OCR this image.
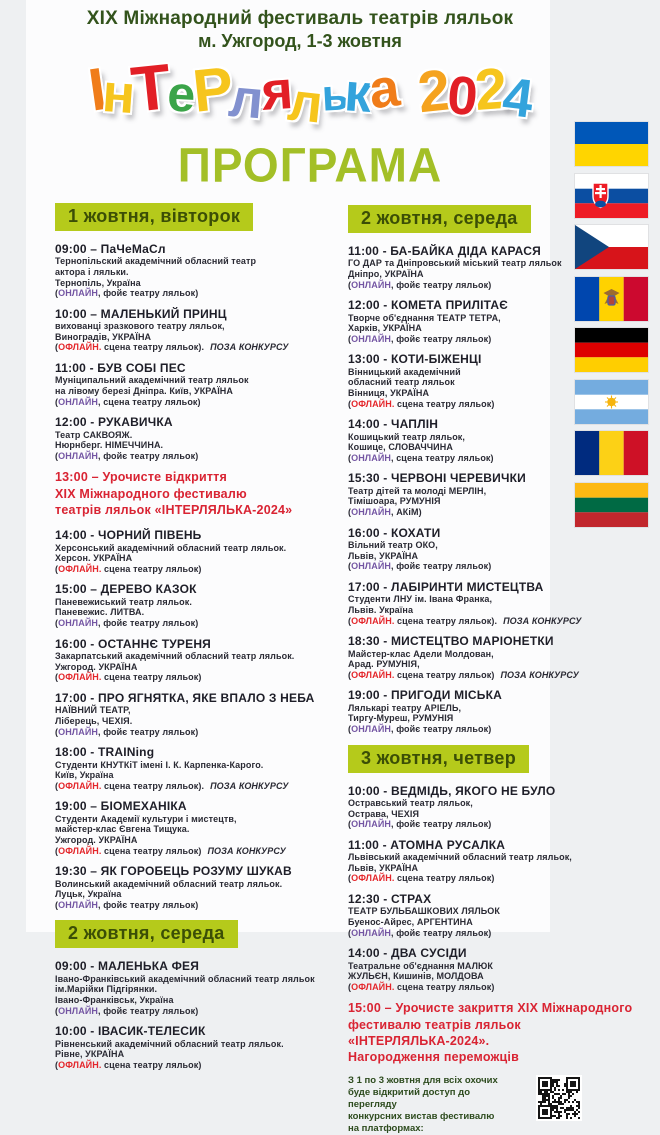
XIX Міжнародний фестиваль театрів ляльок
м. Ужгород, 1-3 жовтня
І
н
Т
е
Р
л
я
л
ь
к
а 2
0
2
4
ПРОГРАМА
1 жовтня, вівторок
09:00 – ПаЧеМаСл
Тернопільский академічний обласний театр
актора і ляльки.
Тернопіль, Україна
(ОНЛАЙН, фойє театру ляльок)
10:00 – МАЛЕНЬКИЙ ПРИНЦ
вихованці зразкового театру ляльок,
Виноградів, УКРАЇНА
(ОФЛАЙН. сцена театру ляльок). ПОЗА КОНКУРСУ
11:00 - БУВ СОБІ ПЕС
Муніципальний академічний театр ляльок
на лівому березі Дніпра. Київ, УКРАЇНА
(ОНЛАЙН, сцена театру ляльок)
12:00 - РУКАВИЧКА
Театр САКВОЯЖ.
Нюрнберг. НІМЕЧЧИНА.
(ОНЛАЙН, фойє театру ляльок)
13:00 – Урочисте відкриття
XIX Міжнародного фестивалю
театрів ляльок «ІНТЕРЛЯЛЬКА-2024»
14:00 - ЧОРНИЙ ПІВЕНЬ
Херсонський академічний обласний театр ляльок.
Херсон. УКРАЇНА
(ОФЛАЙН. сцена театру ляльок)
15:00 – ДЕРЕВО КАЗОК
Паневежиський театр ляльок.
Паневежис. ЛИТВА.
(ОНЛАЙН, фойє театру ляльок)
16:00 - ОСТАННЄ ТУРЕНЯ
Закарпатський академічний обласний театр ляльок.
Ужгород. УКРАЇНА
(ОФЛАЙН. сцена театру ляльок)
17:00 - ПРО ЯГНЯТКА, ЯКЕ ВПАЛО З НЕБА
НАЇВНИЙ ТЕАТР,
Ліберець, ЧЕХІЯ.
(ОНЛАЙН, фойє театру ляльок)
18:00 - TRAINing
Студенти КНУТКіТ імені І. К. Карпенка-Карого.
Київ, Україна
(ОФЛАЙН. сцена театру ляльок). ПОЗА КОНКУРСУ
19:00 – БІОМЕХАНІКА
Студенти Академії культури і мистецтв,
майстер-клас Євгена Тищука.
Ужгород. УКРАЇНА
(ОФЛАЙН. сцена театру ляльок) ПОЗА КОНКУРСУ
19:30 – ЯК ГОРОБЕЦЬ РОЗУМУ ШУКАВ
Волинський академічний обласний театр ляльок.
Луцьк, Україна
(ОНЛАЙН, фойє театру ляльок)
2 жовтня, середа
09:00 - МАЛЕНЬКА ФЕЯ
Івано-Франківський академічний обласний театр ляльок
ім.Марійки Підгірянки.
Івано-Франківськ, Україна
(ОНЛАЙН, фойє театру ляльок)
10:00 - ІВАСИК-ТЕЛЕСИК
Рівненський академічний обласний театр ляльок.
Рівне, УКРАЇНА
(ОФЛАЙН. сцена театру ляльок)
2 жовтня, середа
11:00 - БА-БАЙКА ДІДА КАРАСЯ
ГО ДАР та Дніпровський міський театр ляльок
Дніпро, УКРАЇНА
(ОНЛАЙН, фойє театру ляльок)
12:00 - КОМЕТА ПРИЛІТАЄ
Творче об'єднання ТЕАТР ТЕТРА,
Харків, УКРАЇНА
(ОНЛАЙН, фойє театру ляльок)
13:00 - КОТИ-БІЖЕНЦІ
Вінницький академічний
обласний театр ляльок
Вінниця, УКРАЇНА
(ОФЛАЙН. сцена театру ляльок)
14:00 - ЧАПЛІН
Кошицький театр ляльок,
Кошице, СЛОВАЧЧИНА
(ОНЛАЙН, сцена театру ляльок)
15:30 - ЧЕРВОНІ ЧЕРЕВИЧКИ
Театр дітей та молоді МЕРЛІН,
Тімішоара, РУМУНІЯ
(ОНЛАЙН, АКіМ)
16:00 - КОХАТИ
Вільний театр ОКО,
Львів, УКРАЇНА
(ОНЛАЙН, фойє театру ляльок)
17:00 - ЛАБІРИНТИ МИСТЕЦТВА
Студенти ЛНУ ім. Івана Франка,
Львів. Україна
(ОФЛАЙН. сцена театру ляльок). ПОЗА КОНКУРСУ
18:30 - МИСТЕЦТВО МАРІОНЕТКИ
Майстер-клас Адели Молдован,
Арад. РУМУНІЯ,
(ОФЛАЙН. сцена театру ляльок) ПОЗА КОНКУРСУ
19:00 - ПРИГОДИ МІСЬКА
Лялькарі театру АРІЕЛЬ,
Тиргу-Муреш, РУМУНІЯ
(ОНЛАЙН, фойє театру ляльок)
3 жовтня, четвер
10:00 - ВЕДМІДЬ, ЯКОГО НЕ БУЛО
Остравський театр ляльок,
Острава, ЧЕХІЯ
(ОНЛАЙН, фойє театру ляльок)
11:00 - АТОМНА РУСАЛКА
Львівський академічний обласний театр ляльок,
Львів, УКРАЇНА
(ОФЛАЙН. сцена театру ляльок)
12:30 - СТРАХ
ТЕАТР БУЛЬБАШКОВИХ ЛЯЛЬОК
Буенос-Айрес, АРГЕНТИНА
(ОНЛАЙН, фойє театру ляльок)
14:00 - ДВА СУСІДИ
Театральне об'єднання МАЛЮК
ЖУЛЬЄН, Кишинів, МОЛДОВА
(ОФЛАЙН. сцена театру ляльок)
15:00 – Урочисте закриття XIX Міжнародного
фестивалю театрів ляльок «ІНТЕРЛЯЛЬКА-2024».
Нагородження переможців
З 1 по 3 жовтня для всіх охочих
буде відкритий доступ до перегляду
конкурсних вистав фестивалю
на платформах:
